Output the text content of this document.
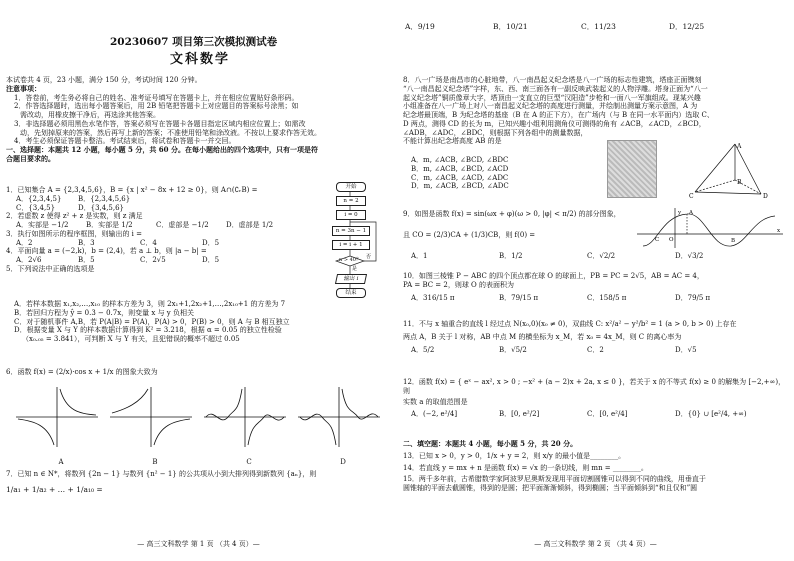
20230607 项目第三次模拟测试卷
文科数学
本试卷共 4 页，23 小题，满分 150 分，考试时间 120 分钟。
注意事项：
1．答卷前，考生务必将自己的姓名、准考证号填写在答题卡上，并在相应位置贴好条形码。
2．作答选择题时，选出每小题答案后，用 2B 铅笔把答题卡上对应题目的答案标号涂黑；如
需改动，用橡皮擦干净后，再选涂其他答案。
3．非选择题必须用黑色水笔作答，答案必须写在答题卡各题目指定区域内相应位置上；如需改
动，先划掉原来的答案，然后再写上新的答案；不准使用铅笔和涂改液。不按以上要求作答无效。
4．考生必须保证答题卡整洁。考试结束后，将试卷和答题卡一并交回。
一、选择题：本题共 12 小题，每小题 5 分，共 60 分。在每小题给出的四个选项中，只有一项是符
合题目要求的。
1．已知集合 A = {2,3,4,5,6}，B = {x | x² − 8x + 12 ≥ 0}，则 A∩(∁ᵣB) =
A．{2,3,4,5}	B．{2,3,4,5,6}
C．{3,4,5}	D．{3,4,5,6}
2．若虚数 z 使得 z² + z 是实数，则 z 满足
A．实部是 −1/2	B．实部是 1/2	C．虚部是 −1/2	D．虚部是 1/2
3．执行如图所示的程序框图，则输出的 i =
A．2	B．3	C．4	D．5
4．平面向量 a = (−2,k)，b = (2,4)，若 a ⊥ b，则 |a − b| =
A．2√6	B．5	C．2√5	D．5
5．下列说法中正确的选项是
A．若样本数据 x₁,x₂,…,x₁₀ 的样本方差为 3，则 2x₁+1,2x₂+1,…,2x₁₀+1 的方差为 7
B．若回归方程为 ŷ = 0.3 − 0.7x，则变量 x 与 y 负相关
C．对于随机事件 A,B，若 P(A|B) = P(A)，P(A) > 0，P(B) > 0，则 A 与 B 相互独立
D．根据变量 X 与 Y 的样本数据计算得到 K² = 3.218，根据 α = 0.05 的独立性检验
（x₀.₀₅ = 3.841），可判断 X 与 Y 有关，且犯错误的概率不超过 0.05
6．函数 f(x) = (2/x)·cos x + 1/x 的图象大致为
A	B	C	D
7．已知 n ∈ N*，将数列 {2n − 1} 与数列 {n² − 1} 的公共项从小到大排列得到新数列 {aₙ}，则
1/a₁ + 1/a₂ + … + 1/a₁₀ =
开始
n = 2
i = 0
n = 3n − 1
i = i + 1
n > 40？	否
是
输出 i
结束
— 高三文科数学 第 1 页 （共 4 页）—
A．9/19	B．10/21	C．11/23	D．12/25
8．八一广场是南昌市的心脏地带，八一南昌起义纪念塔是八一广场的标志性建筑，塔座正面镌刻
“八一南昌起义纪念塔”字样，东、西、南三面各有一副反映武装起义的人物浮雕。塔身正面为“八一
起义纪念塔”铜质像章大字，塔顶由一支直立的巨型“汉阳造”步枪和一面八一军旗组成。现某兴趣
小组准备在八一广场上对八一南昌起义纪念塔的高度进行测量，并绘制出测量方案示意图，A 为
纪念塔最顶端，B 为纪念塔的基座（B 在 A 的正下方），在广场内（与 B 在同一水平面内）选取 C、
D 两点，测得 CD 的长为 m，已知兴趣小组利用测角仪可测得的角有 ∠ACB，∠ACD，∠BCD，
∠ADB，∠ADC，∠BDC，则根据下列各组中的测量数据，
不能计算出纪念塔高度 AB 的是
A．m, ∠ACB, ∠BCD, ∠BDC
B．m, ∠ACB, ∠BCD, ∠ACD
C．m, ∠ACB, ∠ACD, ∠ADC
D．m, ∠ACB, ∠BCD, ∠ADC
A
B
C	D
9．如图是函数 f(x) = sin(ωx + φ)(ω > 0, |φ| < π/2) 的部分图象，
且 CO = (2/3)CA + (1/3)CB，则 f(0) =
A．1	B．1/2	C．√2/2	D．√3/2
y
x
O
A
B
C
10．如图三棱锥 P − ABC 的四个顶点都在球 O 的球面上，PB = PC = 2√5，AB = AC = 4，
PA = BC = 2，则球 O 的表面积为
A．316/15 π	B．79/15 π	C．158/5 π	D．79/5 π
11．不与 x 轴重合的直线 l 经过点 N(x₀,0)(x₀ ≠ 0)，双曲线 C: x²/a² − y²/b² = 1 (a > 0, b > 0) 上存在
两点 A，B 关于 l 对称，AB 中点 M 的横坐标为 x_M，若 x₀ = 4x_M，则 C 的离心率为
A．5/2	B．√5/2	C．2	D．√5
12．函数 f(x) = { eˣ − ax², x > 0 ; −x² + (a − 2)x + 2a, x ≤ 0 }，若关于 x 的不等式 f(x) ≥ 0 的解集为 [−2,+∞)，则
实数 a 的取值范围是
A．(−2, e²/4]	B．[0, e²/2]	C．[0, e²/4]	D．{0} ∪ [e²/4, +∞)
二、填空题：本题共 4 小题，每小题 5 分，共 20 分。
13．已知 x > 0，y > 0，1/x + y = 2，则 x/y 的最小值是________。
14．若直线 y = mx + n 是函数 f(x) = √x 的一条切线，则 mn = ________。
15．两千多年前，古希腊数学家阿波罗尼奥斯发现用平面切割圆锥可以得到不同的曲线，用垂直于
圆锥轴的平面去截圆锥，得到的是圆；把平面渐渐倾斜，得到椭圆；当平面倾斜到“和且仅和”圆
— 高三文科数学 第 2 页 （共 4 页）—
